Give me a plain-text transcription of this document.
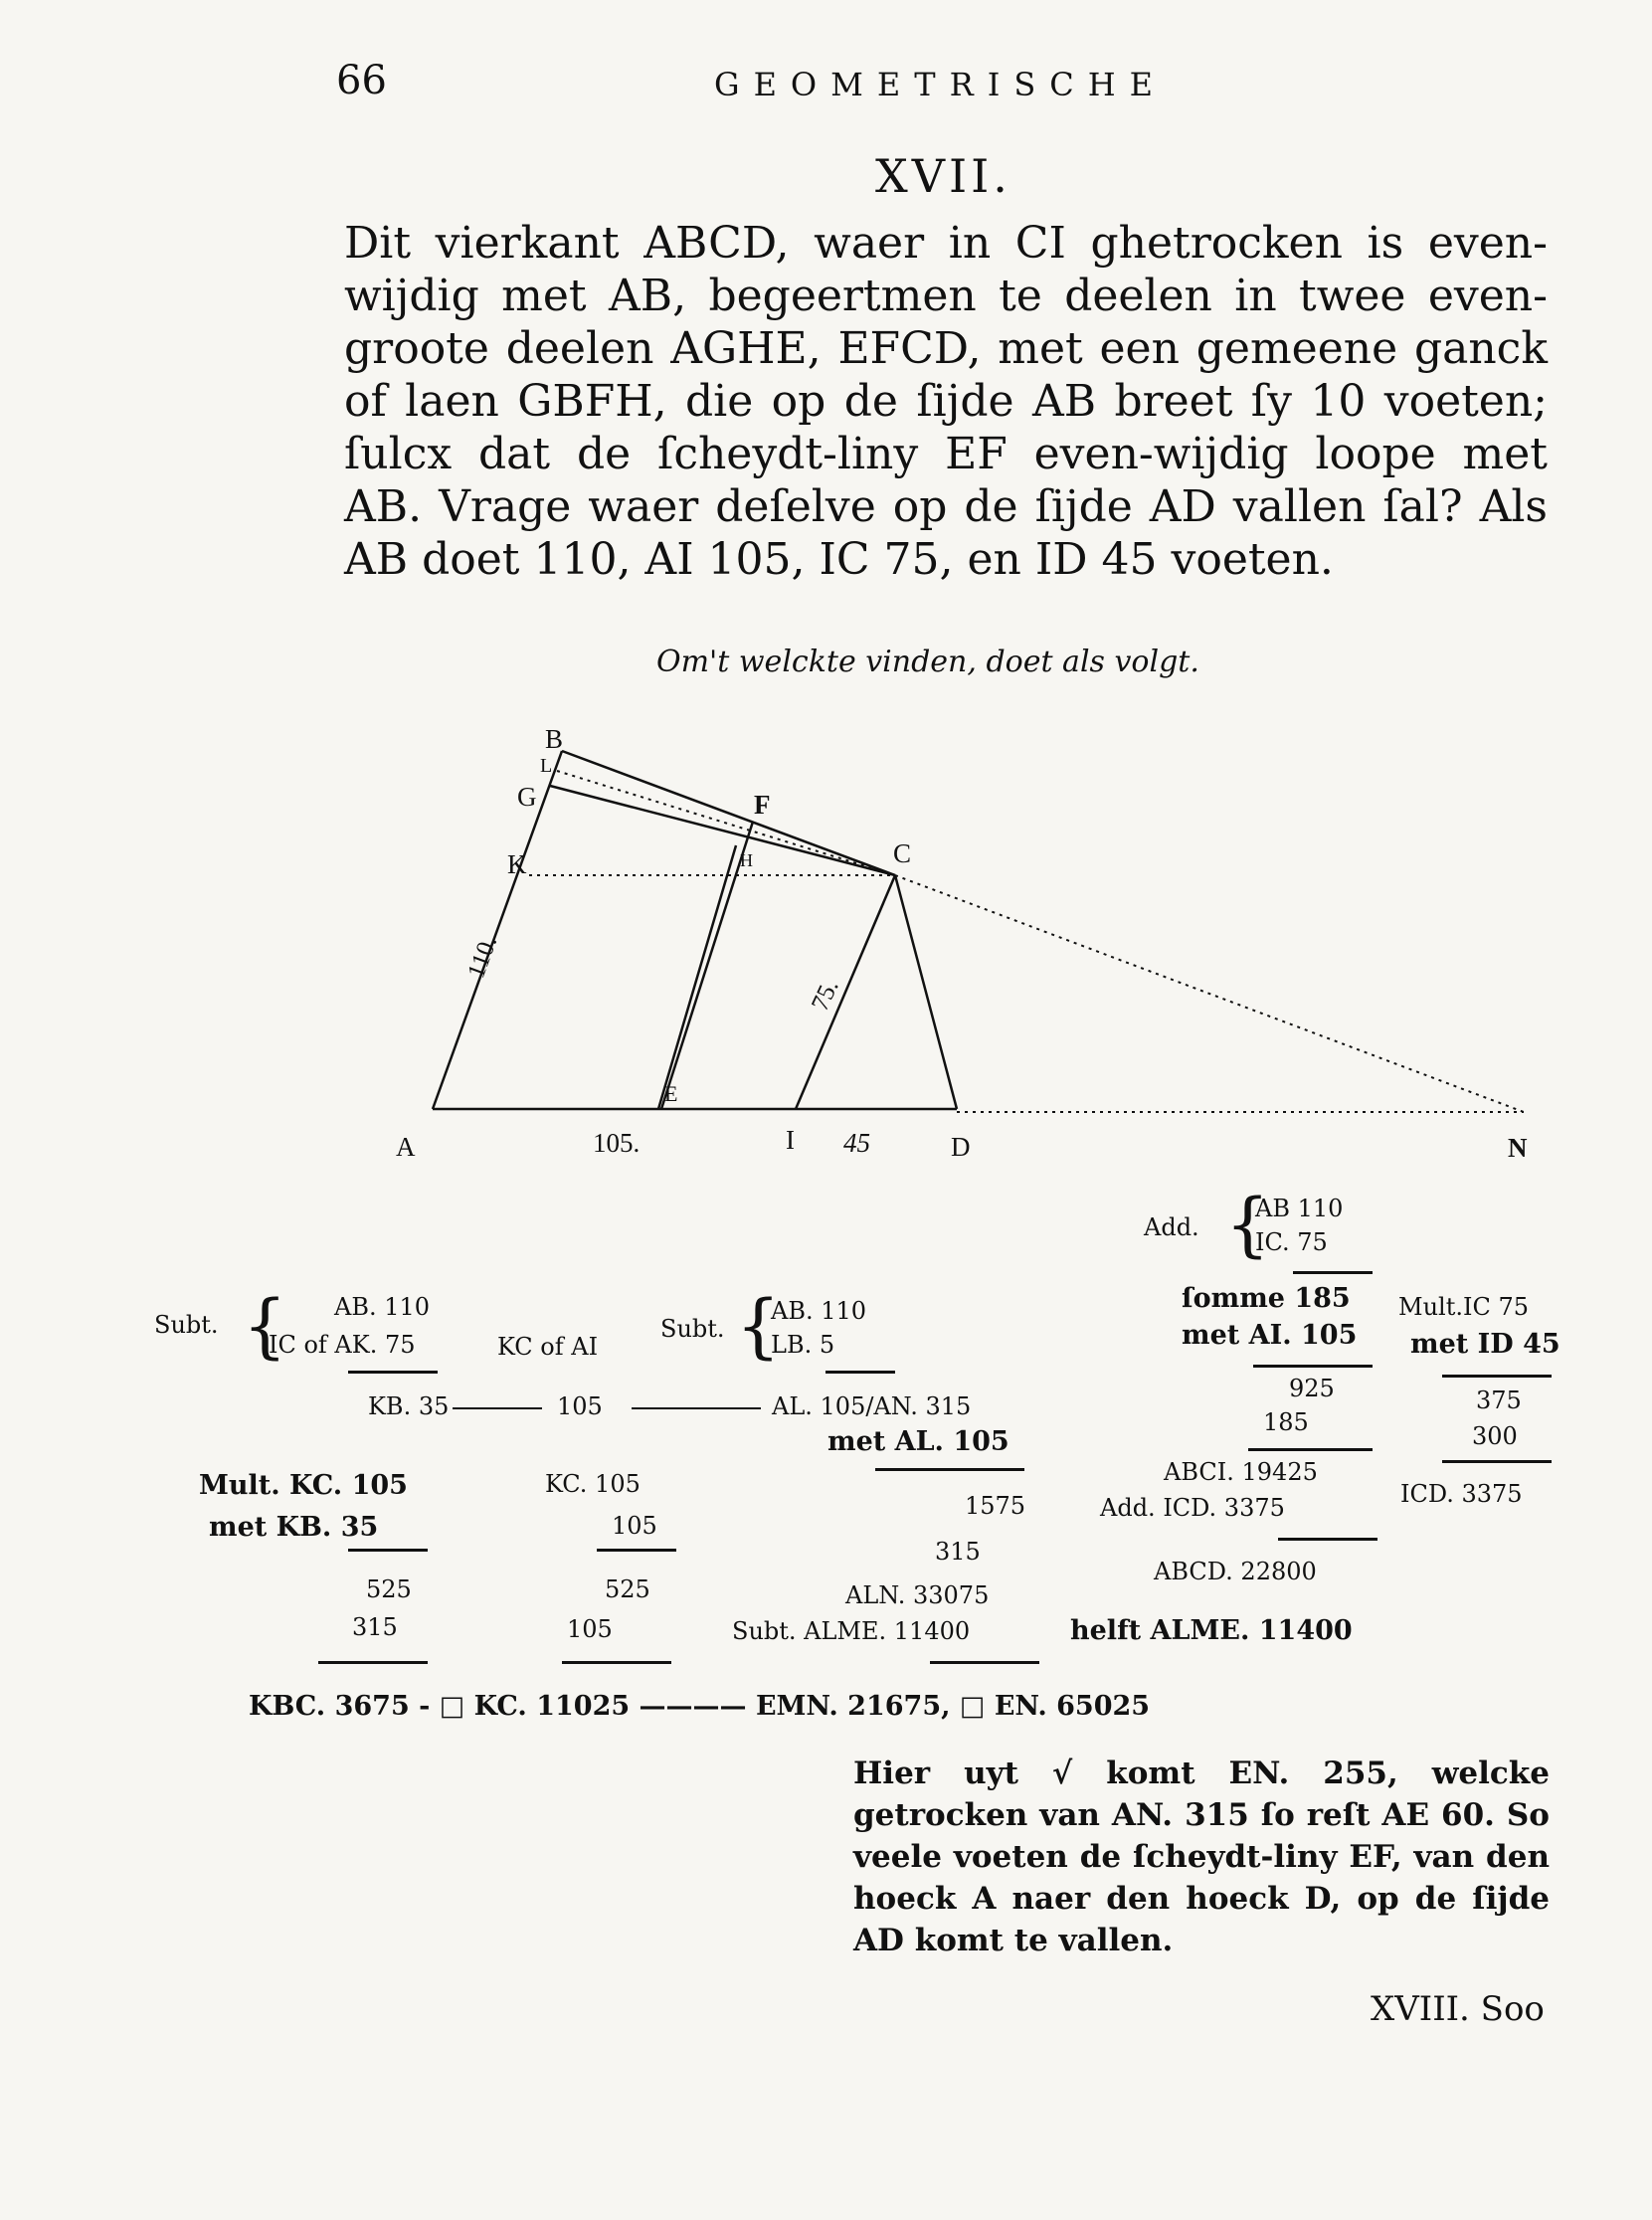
66	GEOMETRISCHE
XVII.
Dit vierkant ABCD, waer in CI ghetrocken is even-wijdig met AB, begeertmen te deelen in twee even-groote deelen AGHE, EFCD, met een gemeene ganck of laen GBFH, die op de ſijde AB breet ſy 10 voeten; ſulcx dat de ſcheydt-liny EF even-wijdig loope met AB. Vrage waer deſelve op de ſijde AD vallen ſal? Als AB doet 110, AI 105, IC 75, en ID 45 voeten.
Om't welckte vinden, doet als volgt.
B
L
G
K
F
H	C
A
E
I	D	N
110.
75.
105.	45
Add. {
AB 110
IC. 75
ſomme 185
met AI. 105
Mult.IC 75
met ID 45
Subt. { AB. 110
IC of AK. 75	KC of AI
Subt. {
AB. 110
LB. 5
KB. 35	105	AL. 105/AN. 315
met AL. 105
925
185
375
300
Mult. KC. 105
met KB. 35
KC. 105
105
1575
315
ABCI. 19425
Add. ICD. 3375	ICD. 3375
ABCD. 22800
525
315
525
105
ALN. 33075
Subt. ALME. 11400	helft ALME. 11400
KBC. 3675 - □ KC. 11025 ———— EMN. 21675, □ EN. 65025
Hier uyt √ komt EN. 255, welcke getrocken van AN. 315 ſo reſt AE 60. So veele voeten de ſcheydt-liny EF, van den hoeck A naer den hoeck D, op de ſijde AD komt te vallen.
XVIII. Soo
